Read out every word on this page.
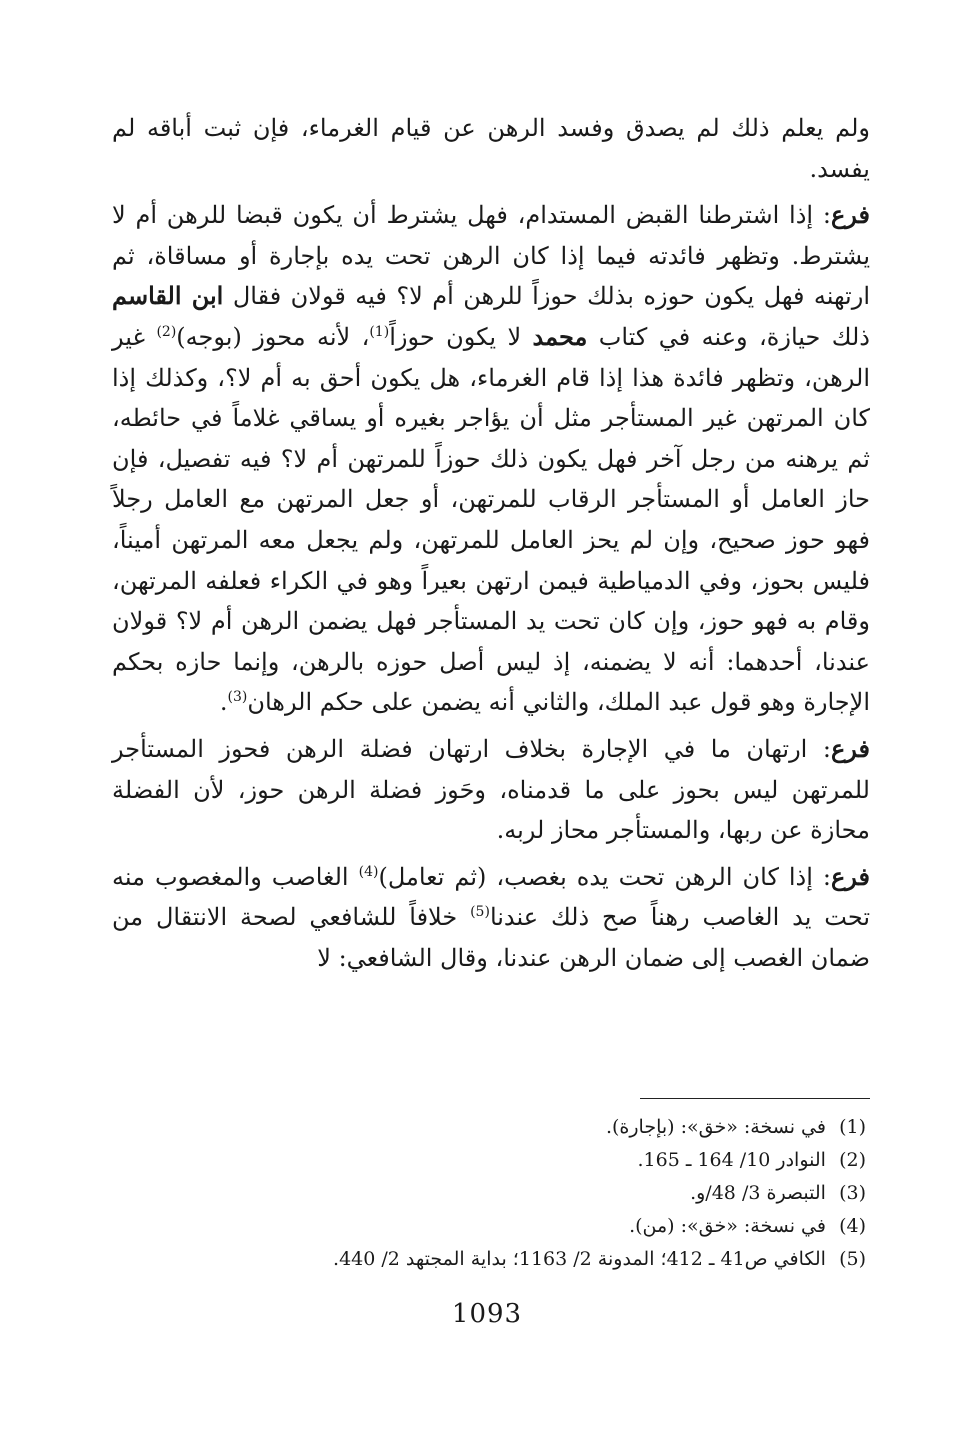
ولم يعلم ذلك لم يصدق وفسد الرهن عن قيام الغرماء، فإن ثبت أباقه لم يفسد.

فرع: إذا اشترطنا القبض المستدام، فهل يشترط أن يكون قبضا للرهن أم لا يشترط. وتظهر فائدته فيما إذا كان الرهن تحت يده بإجارة أو مساقاة، ثم ارتهنه فهل يكون حوزه بذلك حوزاً للرهن أم لا؟ فيه قولان فقال ابن القاسم ذلك حيازة، وعنه في كتاب محمد لا يكون حوزاً$^{(1)}$، لأنه محوز (بوجه)$^{(2)}$ غير الرهن، وتظهر فائدة هذا إذا قام الغرماء، هل يكون أحق به أم لا؟، وكذلك إذا كان المرتهن غير المستأجر مثل أن يؤاجر بغيره أو يساقي غلاماً في حائطه، ثم يرهنه من رجل آخر فهل يكون ذلك حوزاً للمرتهن أم لا؟ فيه تفصيل، فإن حاز العامل أو المستأجر الرقاب للمرتهن، أو جعل المرتهن مع العامل رجلاً فهو حوز صحيح، وإن لم يحز العامل للمرتهن، ولم يجعل معه المرتهن أميناً، فليس بحوز، وفي الدمياطية فيمن ارتهن بعيراً وهو في الكراء فعلفه المرتهن، وقام به فهو حوز، وإن كان تحت يد المستأجر فهل يضمن الرهن أم لا؟ قولان عندنا، أحدهما: أنه لا يضمنه، إذ ليس أصل حوزه بالرهن، وإنما حازه بحكم الإجارة وهو قول عبد الملك، والثاني أنه يضمن على حكم الرهان$^{(3)}$.

فرع: ارتهان ما في الإجارة بخلاف ارتهان فضلة الرهن فحوز المستأجر للمرتهن ليس بحوز على ما قدمناه، وحَوز فضلة الرهن حوز، لأن الفضلة محازة عن ربها، والمستأجر محاز لربه.

فرع: إذا كان الرهن تحت يده بغصب، (ثم تعامل)$^{(4)}$ الغاصب والمغصوب منه تحت يد الغاصب رهناً صح ذلك عندنا$^{(5)}$ خلافاً للشافعي لصحة الانتقال من ضمان الغصب إلى ضمان الرهن عندنا، وقال الشافعي: لا

(1) في نسخة: «خق»: (بإجارة).
(2) النوادر 10/ 164 ـ 165.
(3) التبصرة 3/ 48/و.
(4) في نسخة: «خق»: (من).
(5) الكافي ص41 ـ 412؛ المدونة 2/ 1163؛ بداية المجتهد 2/ 440.
1093
